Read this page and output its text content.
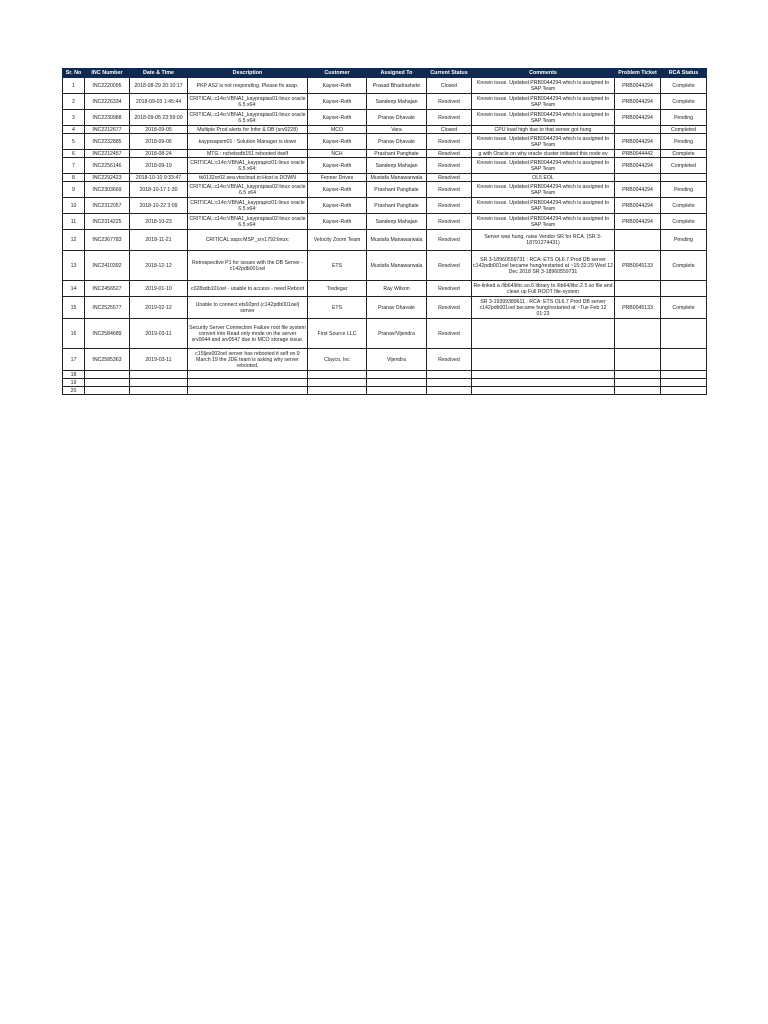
Sr. No	INC Number	Date & Time	Description	Customer	Assigned To	Current Status	Comments	Problem Ticket	RCA Status
1	INC2220095	2018-08-29 20:10:17	PKP AS2 is not responding. Please fix asap.	Kayser-Roth	Prasad Bhadrashete	Closed	Known issue. Updated PRB0044294 which is assigned to SAP Team	PRB0044294	Complete
2	INC2226334	2018-09-03 1:45:44	CRITICAL:c14o:VBNA1_kayprapias01:linux oracle 6.5 x64:	Kayser-Roth	Sandeep Mahajan	Resolved	Known issue. Updated PRB0044294 which is assigned to SAP Team	PRB0044294	Complete
3	INC2230988	2018-09-05 23:59:00	CRITICAL:c14o:VBNA1_kayprapias01:linux oracle 6.5 x64:	Kayser-Roth	Pranav Dhavale	Resolved	Known issue. Updated PRB0044294 which is assigned to SAP Team	PRB0044294	Pending
4	INC2212677	2018-09-05	Multiple Prod alerts for Infor & DB (srv0228)	MCO	Vara	Closed	CPU load high due to that server got hung		Completed
5	INC2232885	2018-09-06	kayprsapsm01 : Solution Manager is down	Kayser-Roth	Pranav Dhavale	Resolved	Known issue. Updated PRB0044294 which is assigned to SAP Team	PRB0044294	Pending
6	INC2212457	2018-08-24	MTG : nchebsdb151 rebooted itself	NCH	Prashant Panghate	Resolved	g with Oracle on why oracle cluster initiated this node ev	PRB0044442	Complete
7	INC2256146	2018-09-19	CRITICAL:c14o:VBNA1_kayprapici01:linux oracle 6.5 x64:	Kayser-Roth	Sandeep Mahajan	Resolved	Known issue. Updated PRB0044294 which is assigned to SAP Team	PRB0044294	Completed
8	INC2292423	2018-10-10 9:33:47	tk0132or02.sea.vtscloud.io:Host is DOWN	Fenner Drives	Mustafa Manawarwala	Resolved	OL5 EOL		
9	INC2303669	2018-10-17 1:30	CRITICAL:c14o:VBNA1_kayprapias02:linux oracle 6.5 x64	Kayser-Roth	Prashant Panghate	Resolved	Known issue. Updated PRB0044294 which is assigned to SAP Team	PRB0044294	Pending
10	INC2312057	2018-10-22 3:09	CRITICAL:c14o:VBNA1_kayprapici01:linux oracle 6.5 x64:	Kayser-Roth	Prashant Panghate	Resolved	Known issue. Updated PRB0044294 which is assigned to SAP Team	PRB0044294	Complete
11	INC2314225	2018-10-23	CRITICAL:c14o:VBNA1_kayprapias02:linux oracle 6.5 x64:	Kayser-Roth	Sandeep Mahajan	Resolved	Known issue. Updated PRB0044294 which is assigned to SAP Team	PRB0044294	Complete
12	INC2367783	2018-11-21	CRITICAL:asps:MSP_srv1792:linux:	Velocity Zoom Team	Mustafa Manawarwala	Resolved	Server was hung, raise Vendor SR for RCA. (SR 3-18791274431)		Pending
13	INC2410392	2018-12-12	Retrospective P1 for issues with the DB Server - c142pdb001oel	ETS	Mustafa Manawarwala	Resolved	SR 3-18960559731 : RCA: ETS OL6.7 Prod DB server c142pdb001oel became hung/restarted at ~15:32:29 Wed 12 Dec 2018 SR 3-18960559731	PRB0045133	Complete
14	INC2456527	2019-01-10	c028sdb101oel - unable to access - need Reboot	Tredegar	Ray Wilson	Resolved	Re-linked a /lib64/libc.so.6 library to /lib64/libc-2.5.so file and clean up Full ROOT file-system		
15	INC2525577	2019-02-12	Unable to connect ets92prd (c142pdb001oel) server	ETS	Pranav Dhavale	Resolved	SR 3-19399389611 : RCA: ETS OL6.7 Prod DB server c142pdb001oel became hung/restarted at ~Tue Feb 12 01:23	PRB0045133	Complete
16	INC2584689	2019-03-11	Security Server Connection Failure root file system convert into Read only mode on the server srv0044 and srv0547 due to MCO storage issue.	First Source LLC	Pranav/Vijendra	Resolved			
17	INC2585363	2019-03-11	c15ljes002oel server has rebooted it self on 9 March 19 the JDE team is asking why server rebooted.	Clayco, Inc	Vijendra	Resolved			
18									
19									
20									
